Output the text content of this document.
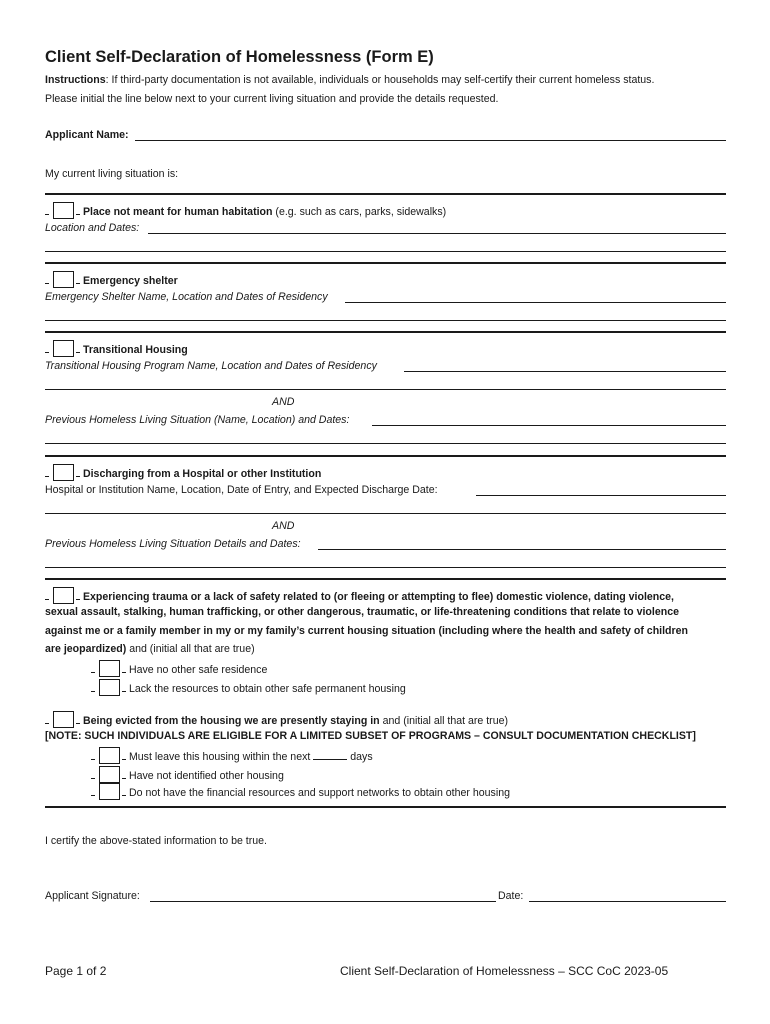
Client Self-Declaration of Homelessness (Form E)
Instructions: If third-party documentation is not available, individuals or households may self-certify their current homeless status.
Please initial the line below next to your current living situation and provide the details requested.
Applicant Name:
My current living situation is:
Place not meant for human habitation (e.g. such as cars, parks, sidewalks)
Location and Dates:
Emergency shelter
Emergency Shelter Name, Location and Dates of Residency
Transitional Housing
Transitional Housing Program Name, Location and Dates of Residency
AND
Previous Homeless Living Situation (Name, Location) and Dates:
Discharging from a Hospital or other Institution
Hospital or Institution Name, Location, Date of Entry, and Expected Discharge Date:
AND
Previous Homeless Living Situation Details and Dates:
Experiencing trauma or a lack of safety related to (or fleeing or attempting to flee) domestic violence, dating violence,
sexual assault, stalking, human trafficking, or other dangerous, traumatic, or life-threatening conditions that relate to violence
against me or a family member in my or my family’s current housing situation (including where the health and safety of children
are jeopardized) and (initial all that are true)
Have no other safe residence
Lack the resources to obtain other safe permanent housing
Being evicted from the housing we are presently staying in and (initial all that are true)
[NOTE: SUCH INDIVIDUALS ARE ELIGIBLE FOR A LIMITED SUBSET OF PROGRAMS – CONSULT DOCUMENTATION CHECKLIST]
Must leave this housing within the next	days
Have not identified other housing
Do not have the financial resources and support networks to obtain other housing
I certify the above-stated information to be true.
Applicant Signature:	Date:
Page 1 of 2	Client Self-Declaration of Homelessness – SCC CoC 2023-05
